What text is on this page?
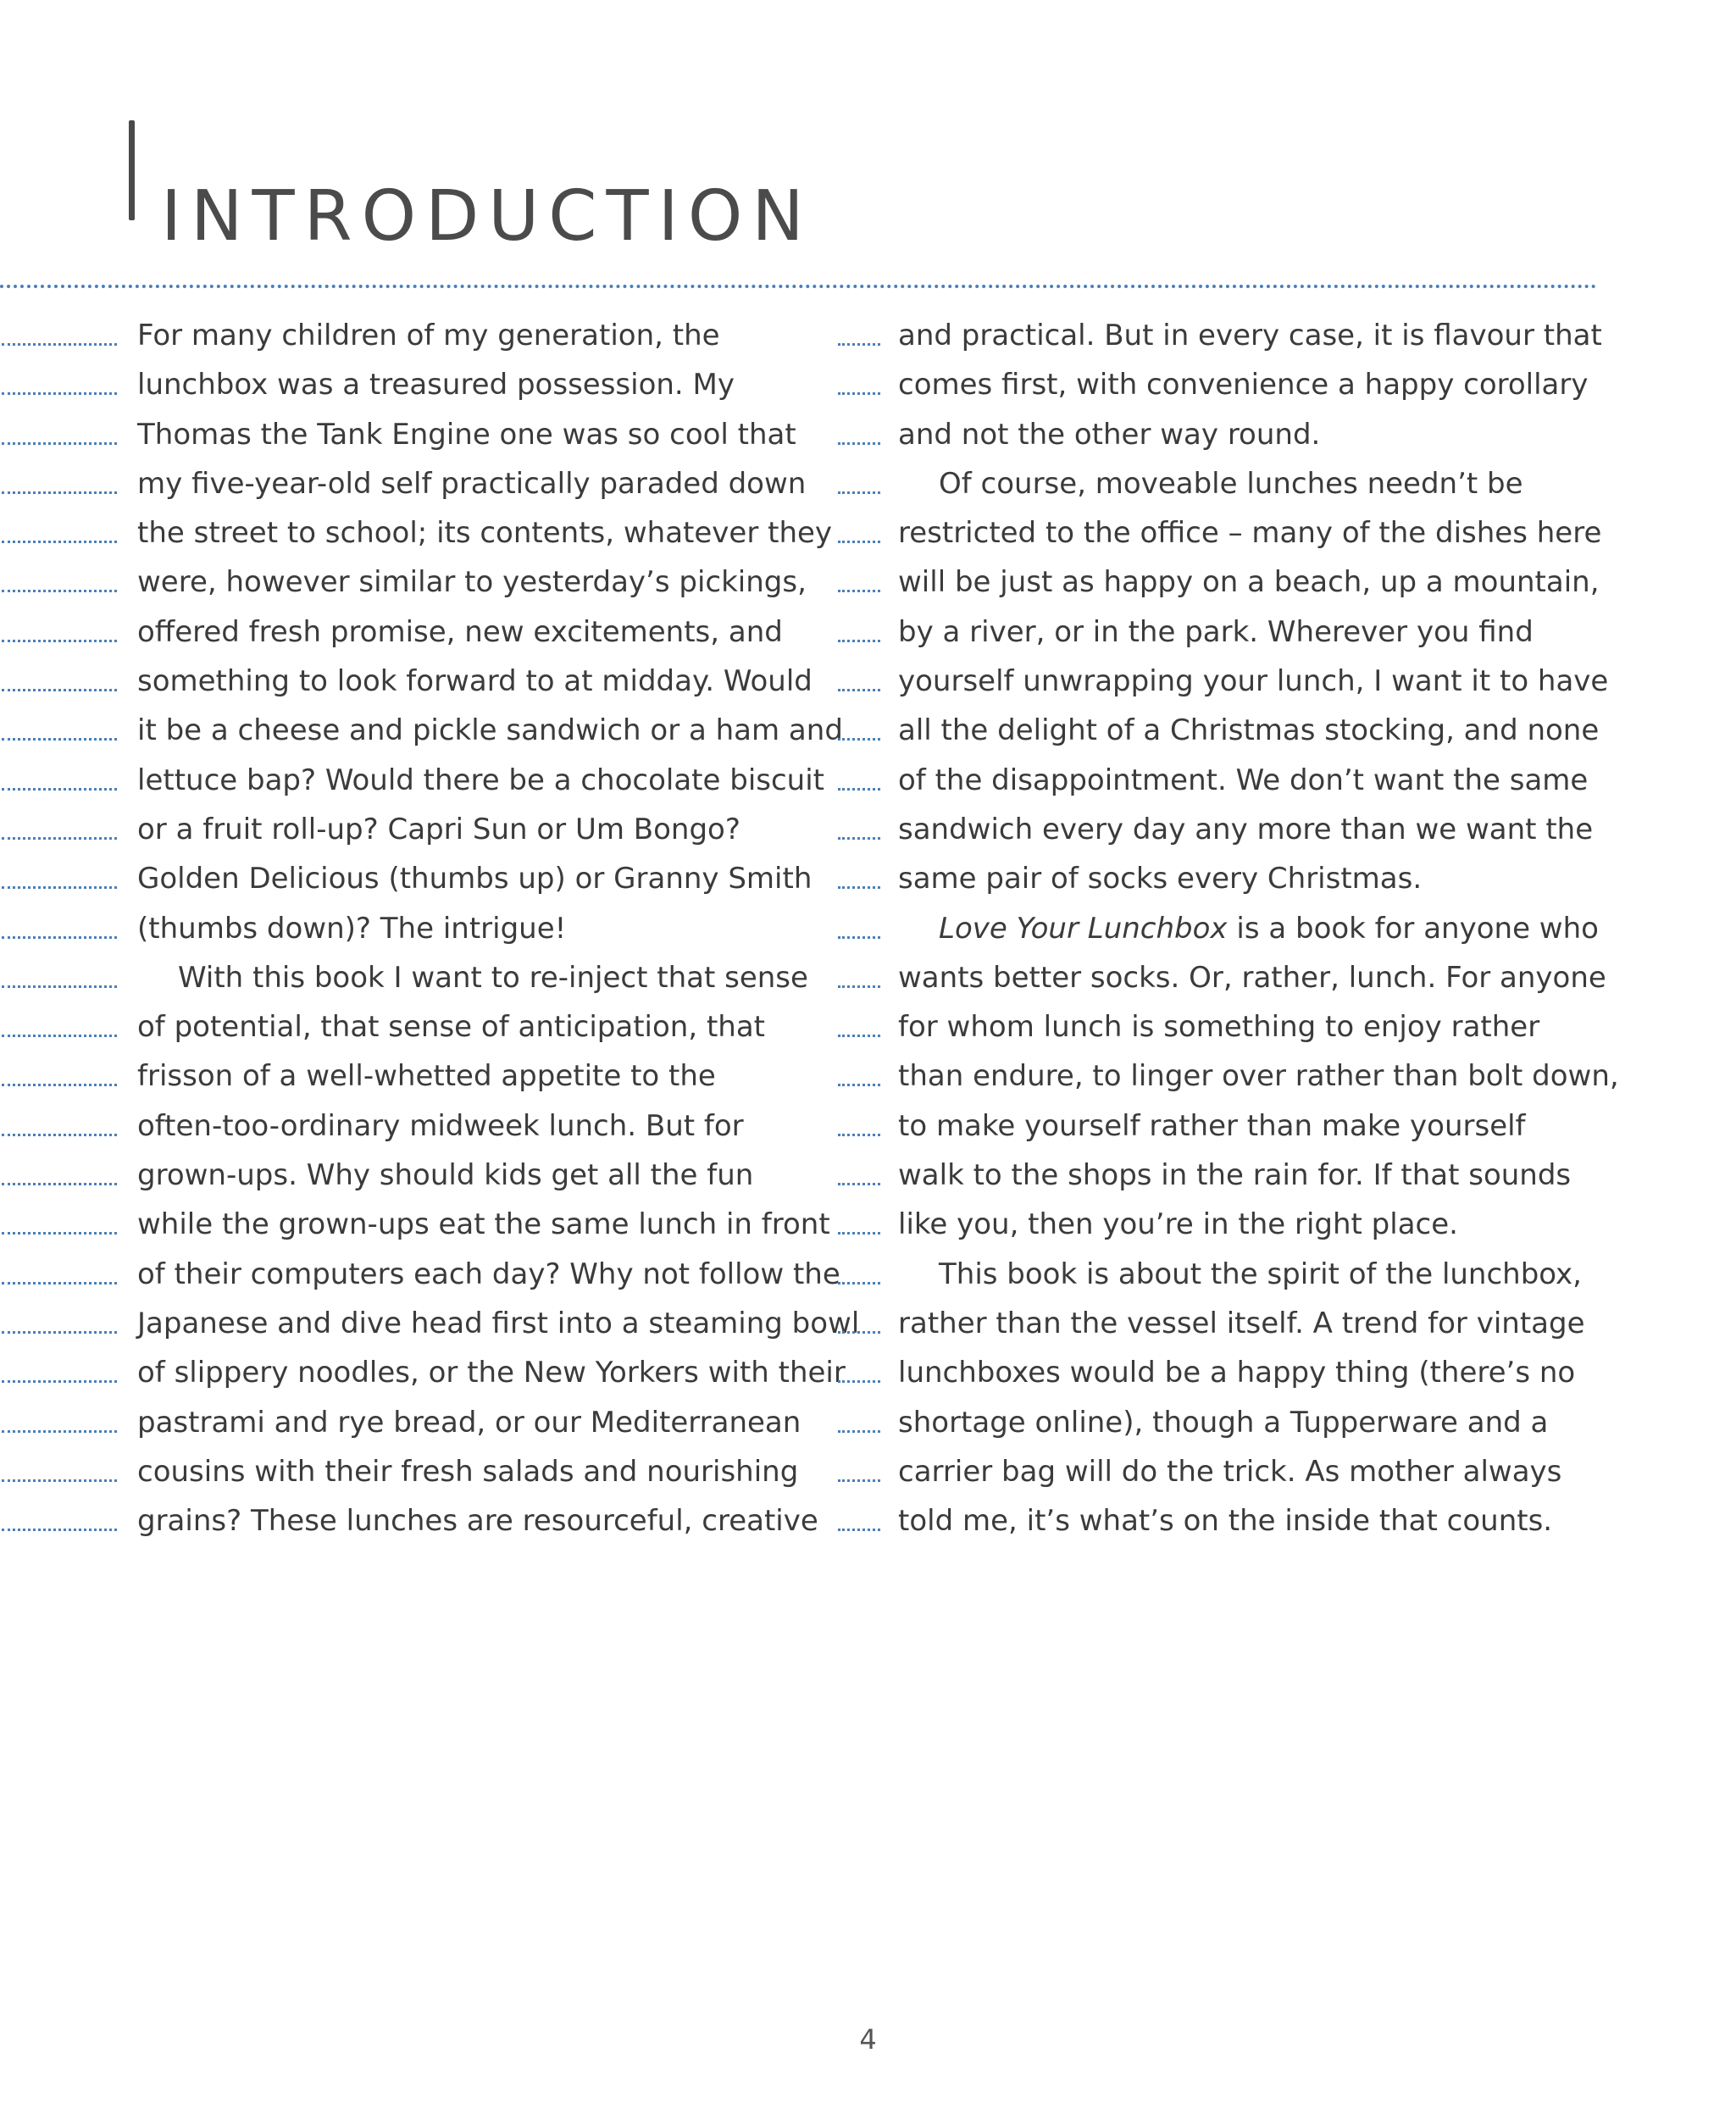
INTRODUCTION
For many children of my generation, the
lunchbox was a treasured possession. My
Thomas the Tank Engine one was so cool that
my five-year-old self practically paraded down
the street to school; its contents, whatever they
were, however similar to yesterday’s pickings,
offered fresh promise, new excitements, and
something to look forward to at midday. Would
it be a cheese and pickle sandwich or a ham and
lettuce bap? Would there be a chocolate biscuit
or a fruit roll-up? Capri Sun or Um Bongo?
Golden Delicious (thumbs up) or Granny Smith
(thumbs down)? The intrigue!
With this book I want to re-inject that sense
of potential, that sense of anticipation, that
frisson of a well-whetted appetite to the
often-too-ordinary midweek lunch. But for
grown-ups. Why should kids get all the fun
while the grown-ups eat the same lunch in front
of their computers each day? Why not follow the
Japanese and dive head first into a steaming bowl
of slippery noodles, or the New Yorkers with their
pastrami and rye bread, or our Mediterranean
cousins with their fresh salads and nourishing
grains? These lunches are resourceful, creative
and practical. But in every case, it is flavour that
comes first, with convenience a happy corollary
and not the other way round.
Of course, moveable lunches needn’t be
restricted to the office – many of the dishes here
will be just as happy on a beach, up a mountain,
by a river, or in the park. Wherever you find
yourself unwrapping your lunch, I want it to have
all the delight of a Christmas stocking, and none
of the disappointment. We don’t want the same
sandwich every day any more than we want the
same pair of socks every Christmas.
Love Your Lunchbox is a book for anyone who
wants better socks. Or, rather, lunch. For anyone
for whom lunch is something to enjoy rather
than endure, to linger over rather than bolt down,
to make yourself rather than make yourself
walk to the shops in the rain for. If that sounds
like you, then you’re in the right place.
This book is about the spirit of the lunchbox,
rather than the vessel itself. A trend for vintage
lunchboxes would be a happy thing (there’s no
shortage online), though a Tupperware and a
carrier bag will do the trick. As mother always
told me, it’s what’s on the inside that counts.
4
